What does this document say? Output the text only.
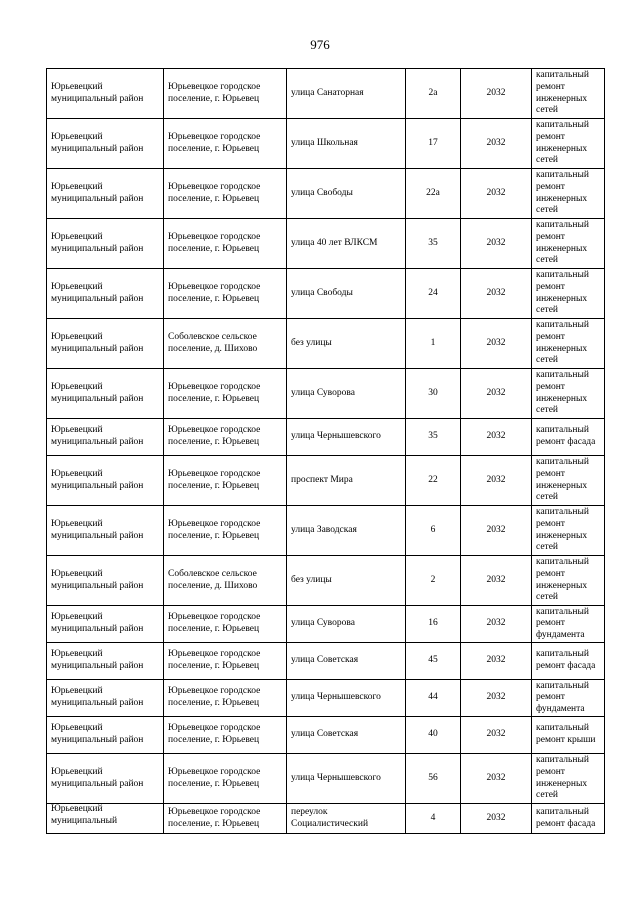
976
Юрьевецкий муниципальный район	Юрьевецкое городское поселение, г. Юрьевец	улица Санаторная	2а	2032	капитальный ремонт инженерных сетей
Юрьевецкий муниципальный район	Юрьевецкое городское поселение, г. Юрьевец	улица Школьная	17	2032	капитальный ремонт инженерных сетей
Юрьевецкий муниципальный район	Юрьевецкое городское поселение, г. Юрьевец	улица Свободы	22а	2032	капитальный ремонт инженерных сетей
Юрьевецкий муниципальный район	Юрьевецкое городское поселение, г. Юрьевец	улица 40 лет ВЛКСМ	35	2032	капитальный ремонт инженерных сетей
Юрьевецкий муниципальный район	Юрьевецкое городское поселение, г. Юрьевец	улица Свободы	24	2032	капитальный ремонт инженерных сетей
Юрьевецкий муниципальный район	Соболевское сельское поселение, д. Шихово	без улицы	1	2032	капитальный ремонт инженерных сетей
Юрьевецкий муниципальный район	Юрьевецкое городское поселение, г. Юрьевец	улица Суворова	30	2032	капитальный ремонт инженерных сетей
Юрьевецкий муниципальный район	Юрьевецкое городское поселение, г. Юрьевец	улица Чернышевского	35	2032	капитальный ремонт фасада
Юрьевецкий муниципальный район	Юрьевецкое городское поселение, г. Юрьевец	проспект Мира	22	2032	капитальный ремонт инженерных сетей
Юрьевецкий муниципальный район	Юрьевецкое городское поселение, г. Юрьевец	улица Заводская	6	2032	капитальный ремонт инженерных сетей
Юрьевецкий муниципальный район	Соболевское сельское поселение, д. Шихово	без улицы	2	2032	капитальный ремонт инженерных сетей
Юрьевецкий муниципальный район	Юрьевецкое городское поселение, г. Юрьевец	улица Суворова	16	2032	капитальный ремонт фундамента
Юрьевецкий муниципальный район	Юрьевецкое городское поселение, г. Юрьевец	улица Советская	45	2032	капитальный ремонт фасада
Юрьевецкий муниципальный район	Юрьевецкое городское поселение, г. Юрьевец	улица Чернышевского	44	2032	капитальный ремонт фундамента
Юрьевецкий муниципальный район	Юрьевецкое городское поселение, г. Юрьевец	улица Советская	40	2032	капитальный ремонт крыши
Юрьевецкий муниципальный район	Юрьевецкое городское поселение, г. Юрьевец	улица Чернышевского	56	2032	капитальный ремонт инженерных сетей
Юрьевецкий муниципальный	Юрьевецкое городское поселение, г. Юрьевец	переулок Социалистический	4	2032	капитальный ремонт фасада
